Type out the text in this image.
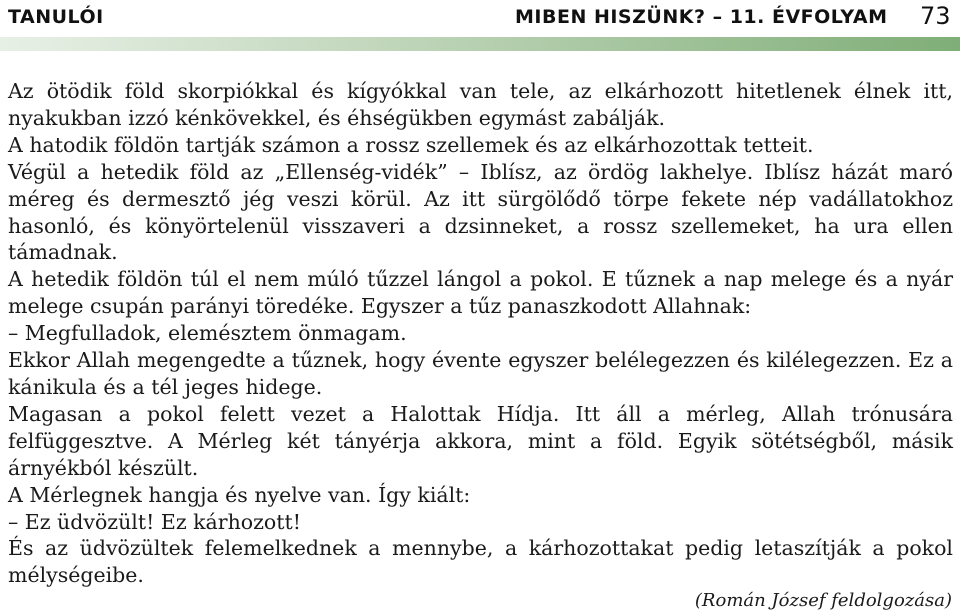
TANULÓI	MIBEN HISZÜNK? – 11. ÉVFOLYAM 73

Az ötödik föld skorpiókkal és kígyókkal van tele, az elkárhozott hitetlenek élnek itt, nyakukban izzó kénkövekkel, és éhségükben egymást zabálják.

A hatodik földön tartják számon a rossz szellemek és az elkárhozottak tetteit.

Végül a hetedik föld az „Ellenség-vidék” – Iblísz, az ördög lakhelye. Iblísz házát maró méreg és dermesztő jég veszi körül. Az itt sürgölődő törpe fekete nép vadállatokhoz hasonló, és könyörtelenül visszaveri a dzsinneket, a rossz szellemeket, ha ura ellen támadnak.

A hetedik földön túl el nem múló tűzzel lángol a pokol. E tűznek a nap melege és a nyár melege csupán parányi töredéke. Egyszer a tűz panaszkodott Allahnak:

– Megfulladok, elemésztem önmagam.

Ekkor Allah megengedte a tűznek, hogy évente egyszer belélegezzen és kilélegezzen. Ez a kánikula és a tél jeges hidege.

Magasan a pokol felett vezet a Halottak Hídja. Itt áll a mérleg, Allah trónusára felfüggesztve. A Mérleg két tányérja akkora, mint a föld. Egyik sötétségből, másik árnyékból készült.

A Mérlegnek hangja és nyelve van. Így kiált:

– Ez üdvözült! Ez kárhozott!

És az üdvözültek felemelkednek a mennybe, a kárhozottakat pedig letaszítják a pokol mélységeibe.

(Román József feldolgozása)
